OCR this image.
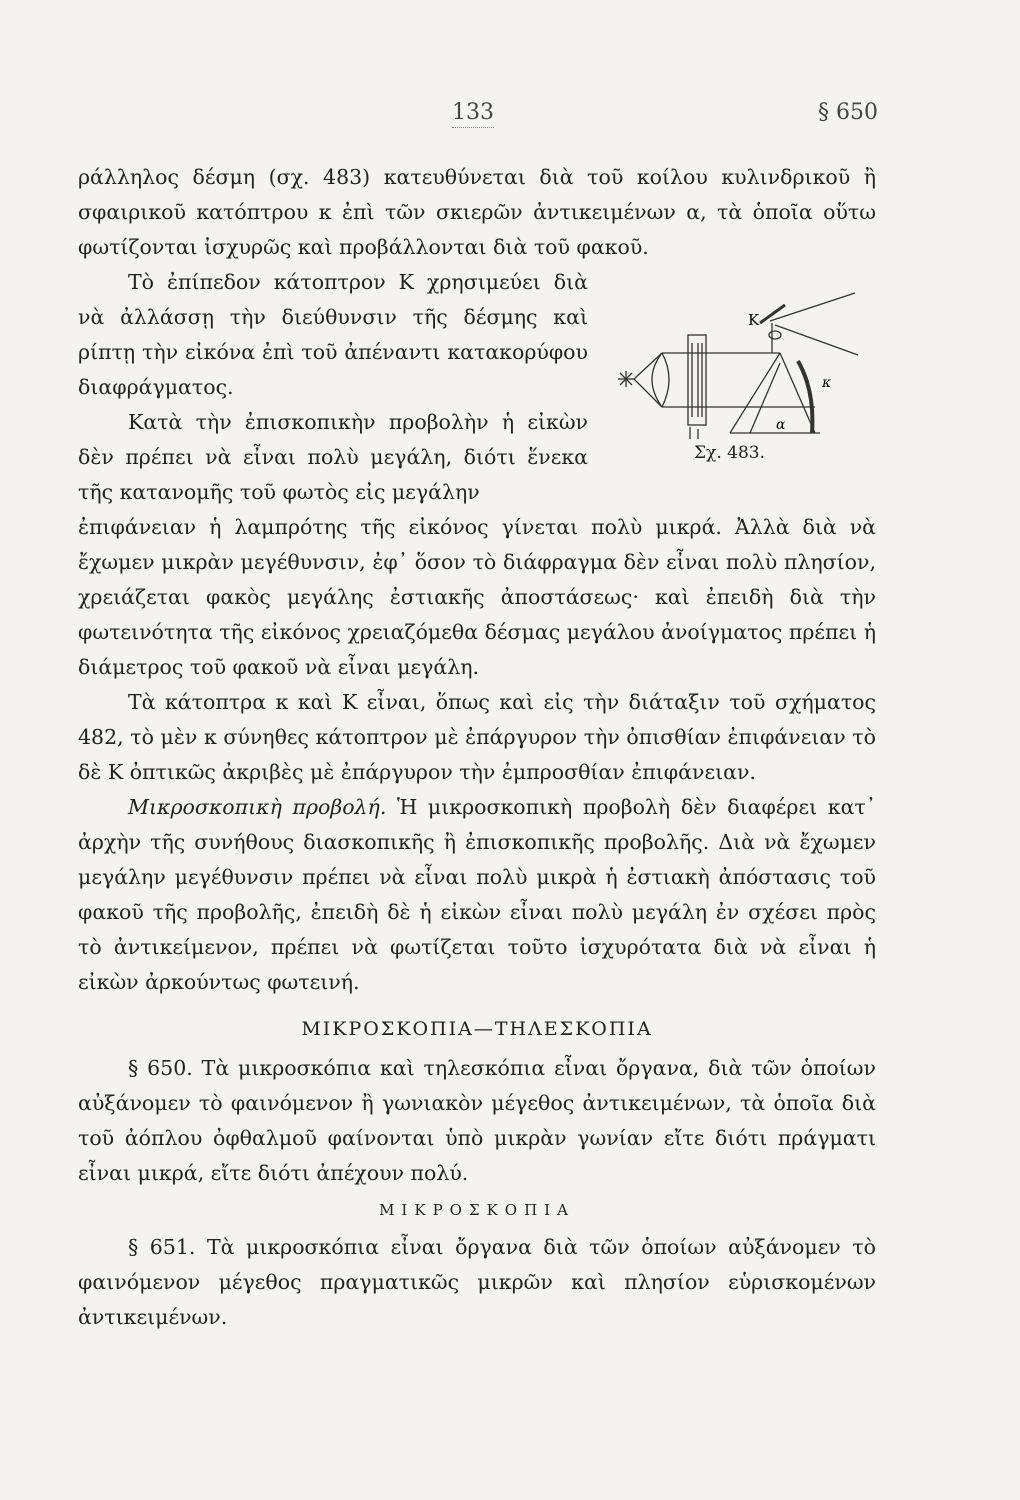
133	§ 650
K
κ
α
Σχ. 483.

ράλληλος δέσμη (σχ. 483) κατευθύνεται διὰ τοῦ κοίλου κυλινδρικοῦ ἢ σφαιρικοῦ κατόπτρου κ ἐπὶ τῶν σκιερῶν ἀντικειμένων α, τὰ ὁποῖα οὕτω φωτίζονται ἰσχυρῶς καὶ προβάλλονται διὰ τοῦ φακοῦ.

Τὸ ἐπίπεδον κάτοπτρον Κ χρησιμεύει διὰ νὰ ἀλλάσσῃ τὴν διεύθυνσιν τῆς δέσμης καὶ ρίπτῃ τὴν εἰκόνα ἐπὶ τοῦ ἀπέναντι κατακορύφου διαφράγματος.

Κατὰ τὴν ἐπισκοπικὴν προβολὴν ἡ εἰκὼν δὲν πρέπει νὰ εἶναι πολὺ μεγάλη, διότι ἕνεκα τῆς κατανομῆς τοῦ φωτὸς εἰς μεγάλην

ἐπιφάνειαν ἡ λαμπρότης τῆς εἰκόνος γίνεται πολὺ μικρά. Ἀλλὰ διὰ νὰ ἔχωμεν μικρὰν μεγέθυνσιν, ἐφ᾽ ὅσον τὸ διάφραγμα δὲν εἶναι πολὺ πλησίον, χρειάζεται φακὸς μεγάλης ἐστιακῆς ἀποστάσεως· καὶ ἐπειδὴ διὰ τὴν φωτεινότητα τῆς εἰκόνος χρειαζόμεθα δέσμας μεγάλου ἀνοίγματος πρέπει ἡ διάμετρος τοῦ φακοῦ νὰ εἶναι μεγάλη.

Τὰ κάτοπτρα κ καὶ Κ εἶναι, ὅπως καὶ εἰς τὴν διάταξιν τοῦ σχήματος 482, τὸ μὲν κ σύνηθες κάτοπτρον μὲ ἐπάργυρον τὴν ὀπισθίαν ἐπιφάνειαν τὸ δὲ Κ ὀπτικῶς ἀκριβὲς μὲ ἐπάργυρον τὴν ἐμπροσθίαν ἐπιφάνειαν.

Μικροσκοπικὴ προβολή. Ἡ μικροσκοπικὴ προβολὴ δὲν διαφέρει κατ᾽ ἀρχὴν τῆς συνήθους διασκοπικῆς ἢ ἐπισκοπικῆς προβολῆς. Διὰ νὰ ἔχωμεν μεγάλην μεγέθυνσιν πρέπει νὰ εἶναι πολὺ μικρὰ ἡ ἐστιακὴ ἀπόστασις τοῦ φακοῦ τῆς προβολῆς, ἐπειδὴ δὲ ἡ εἰκὼν εἶναι πολὺ μεγάλη ἐν σχέσει πρὸς τὸ ἀντικείμενον, πρέπει νὰ φωτίζεται τοῦτο ἰσχυρότατα διὰ νὰ εἶναι ἡ εἰκὼν ἀρκούντως φωτεινή.

ΜΙΚΡΟΣΚΟΠΙΑ—ΤΗΛΕΣΚΟΠΙΑ

§ 650. Τὰ μικροσκόπια καὶ τηλεσκόπια εἶναι ὄργανα, διὰ τῶν ὁποίων αὐξάνομεν τὸ φαινόμενον ἢ γωνιακὸν μέγεθος ἀντικειμένων, τὰ ὁποῖα διὰ τοῦ ἀόπλου ὀφθαλμοῦ φαίνονται ὑπὸ μικρὰν γωνίαν εἴτε διότι πράγματι εἶναι μικρά, εἴτε διότι ἀπέχουν πολύ.

ΜΙΚΡΟΣΚΟΠΙΑ

§ 651. Τὰ μικροσκόπια εἶναι ὄργανα διὰ τῶν ὁποίων αὐξάνομεν τὸ φαινόμενον μέγεθος πραγματικῶς μικρῶν καὶ πλησίον εὑρισκομένων ἀντικειμένων.
